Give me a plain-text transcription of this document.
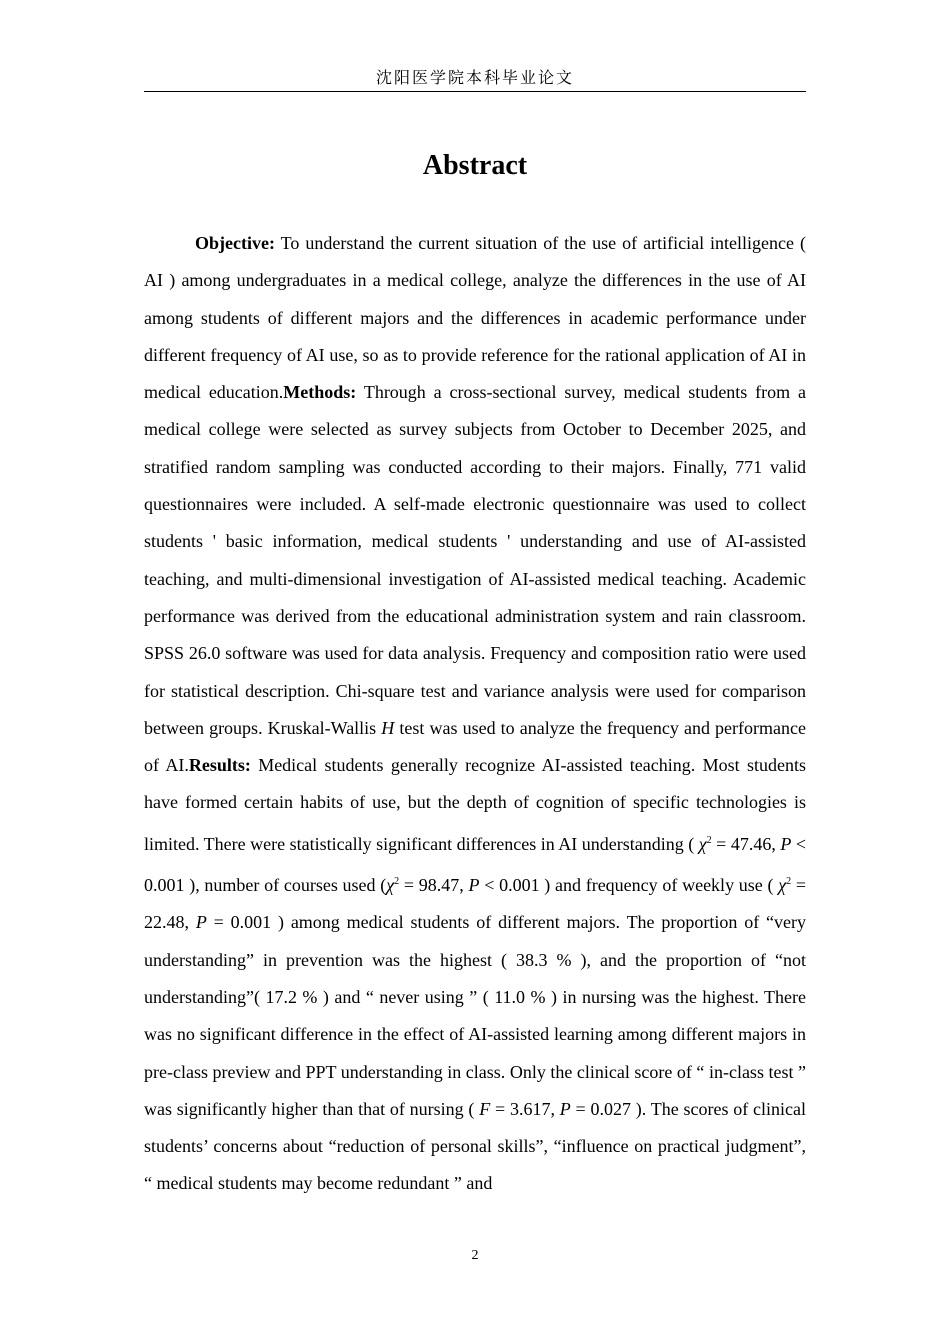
沈阳医学院本科毕业论文
Abstract

Objective: To understand the current situation of the use of artificial intelligence ( AI ) among undergraduates in a medical college, analyze the differences in the use of AI among students of different majors and the differences in academic performance under different frequency of AI use, so as to provide reference for the rational application of AI in medical education.Methods: Through a cross-sectional survey, medical students from a medical college were selected as survey subjects from October to December 2025, and stratified random sampling was conducted according to their majors. Finally, 771 valid questionnaires were included. A self-made electronic questionnaire was used to collect students ' basic information, medical students ' understanding and use of AI-assisted teaching, and multi-dimensional investigation of AI-assisted medical teaching. Academic performance was derived from the educational administration system and rain classroom. SPSS 26.0 software was used for data analysis. Frequency and composition ratio were used for statistical description. Chi-square test and variance analysis were used for comparison between groups. Kruskal-Wallis H test was used to analyze the frequency and performance of AI.Results: Medical students generally recognize AI-assisted teaching. Most students have formed certain habits of use, but the depth of cognition of specific technologies is limited. There were statistically significant differences in AI understanding ( $\chi^2 = 47.46$, P < 0.001 ), number of courses used ($\chi^2 = 98.47$, P < 0.001 ) and frequency of weekly use ( $\chi^2 = 22.48$, P = 0.001 ) among medical students of different majors. The proportion of “very understanding” in prevention was the highest ( 38.3 % ), and the proportion of “not understanding”( 17.2 % ) and “ never using ” ( 11.0 % ) in nursing was the highest. There was no significant difference in the effect of AI-assisted learning among different majors in pre-class preview and PPT understanding in class. Only the clinical score of “ in-class test ” was significantly higher than that of nursing ( F = 3.617, P = 0.027 ). The scores of clinical students’ concerns about “reduction of personal skills”, “influence on practical judgment”, “ medical students may become redundant ” and

2
